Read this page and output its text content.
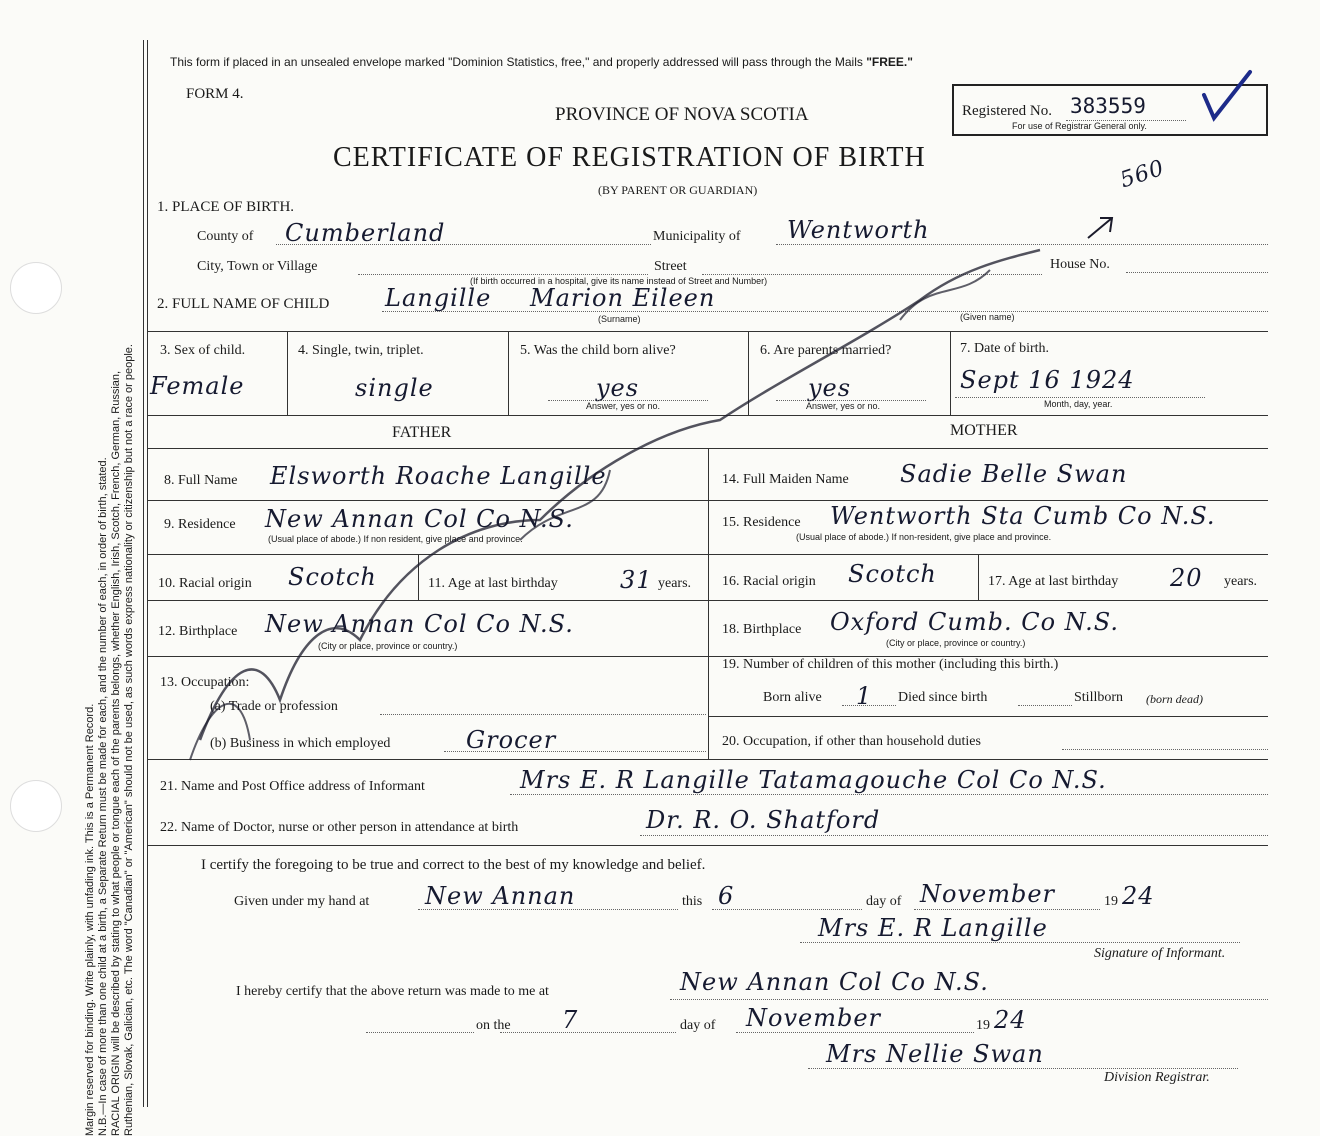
Margin reserved for binding. Write plainly, with unfading ink. This is a Permanent Record. N.B.—In case of more than one child at a birth, a Separate Return must be made for each, and the number of each, in order of birth, stated. RACIAL ORIGIN will be described by stating to what people or tongue each of the parents belongs, whether English, Irish, Scotch, French, German, Russian, Ruthenian, Slovak, Galician, etc. The word "Canadian" or "American" should not be used, as such words express nationality or citizenship but not a race or people.
This form if placed in an unsealed envelope marked "Dominion Statistics, free," and properly addressed will pass through the Mails "FREE."
FORM 4.
PROVINCE OF NOVA SCOTIA
CERTIFICATE OF REGISTRATION OF BIRTH
(BY PARENT OR GUARDIAN)
Registered No. 383559
For use of Registrar General only.
560
1. PLACE OF BIRTH.
County of Cumberland	Municipality of Wentworth
City, Town or Village	Street
(If birth occurred in a hospital, give its name instead of Street and Number)
House No.
2. FULL NAME OF CHILD Langille Marion Eileen
(Surname)	(Given name)
3. Sex of child.
Female
4. Single, twin, triplet.
single
5. Was the child born alive?
yes
Answer, yes or no.
6. Are parents married?
yes
Answer, yes or no.
7. Date of birth.
Sept 16 1924
Month, day, year.
FATHER	MOTHER
8. Full Name Elsworth Roache Langille
9. Residence New Annan Col Co N.S.
(Usual place of abode.) If non resident, give place and province.
10. Racial origin Scotch	11. Age at last birthday	31 years.
12. Birthplace New Annan Col Co N.S.
(City or place, province or country.)
13. Occupation:
(a) Trade or profession
(b) Business in which employed	Grocer
14. Full Maiden Name Sadie Belle Swan
15. Residence Wentworth Sta Cumb Co N.S.
(Usual place of abode.) If non-resident, give place and province.
16. Racial origin Scotch	17. Age at last birthday 20 years.
18. Birthplace Oxford Cumb. Co N.S.
(City or place, province or country.)
19. Number of children of this mother (including this birth.)
Born alive 1 Died since birth	Stillborn (born dead)
20. Occupation, if other than household duties
21. Name and Post Office address of Informant	Mrs E. R Langille Tatamagouche Col Co N.S.
22. Name of Doctor, nurse or other person in attendance at birth	Dr. R. O. Shatford
I certify the foregoing to be true and correct to the best of my knowledge and belief.
Given under my hand at New Annan	this 6	day of November	19 24
Mrs E. R Langille
Signature of Informant.
I hereby certify that the above return was made to me at	New Annan Col Co N.S.
on the 7	day of November	19 24
Mrs Nellie Swan
Division Registrar.
